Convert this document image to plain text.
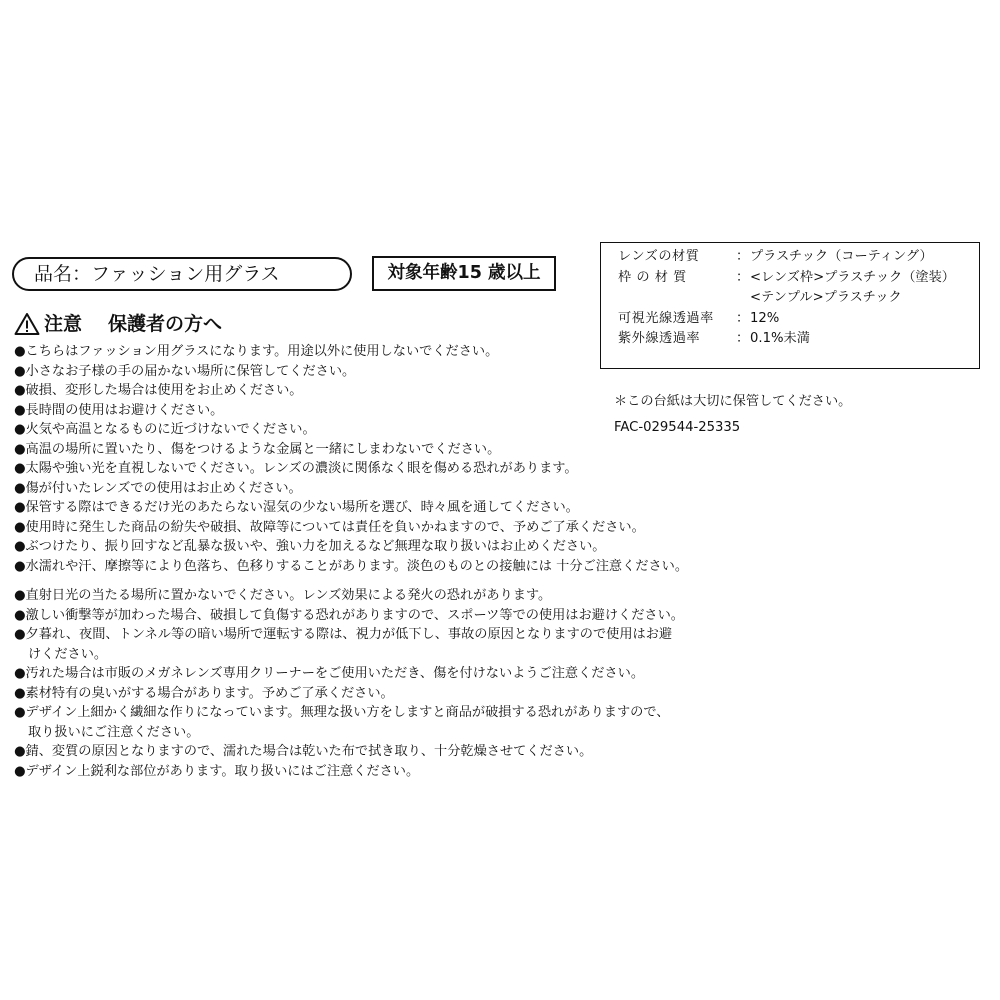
品名：ファッション用グラス	対象年齢15 歳以上
注意 保護者の方へ
●こちらはファッション用グラスになります。用途以外に使用しないでください。
●小さなお子様の手の届かない場所に保管してください。
●破損、変形した場合は使用をお止めください。
●長時間の使用はお避けください。
●火気や高温となるものに近づけないでください。
●高温の場所に置いたり、傷をつけるような金属と一緒にしまわないでください。
●太陽や強い光を直視しないでください。レンズの濃淡に関係なく眼を傷める恐れがあります。
●傷が付いたレンズでの使用はお止めください。
●保管する際はできるだけ光のあたらない湿気の少ない場所を選び、時々風を通してください。
●使用時に発生した商品の紛失や破損、故障等については責任を負いかねますので、予めご了承ください。
●ぶつけたり、振り回すなど乱暴な扱いや、強い力を加えるなど無理な取り扱いはお止めください。
●水濡れや汗、摩擦等により色落ち、色移りすることがあります。淡色のものとの接触には 十分ご注意ください。
●直射日光の当たる場所に置かないでください。レンズ効果による発火の恐れがあります。
●激しい衝撃等が加わった場合、破損して負傷する恐れがありますので、スポーツ等での使用はお避けください。
●夕暮れ、夜間、トンネル等の暗い場所で運転する際は、視力が低下し、事故の原因となりますので使用はお避
けください。
●汚れた場合は市販のメガネレンズ専用クリーナーをご使用いただき、傷を付けないようご注意ください。
●素材特有の臭いがする場合があります。予めご了承ください。
●デザイン上細かく繊細な作りになっています。無理な扱い方をしますと商品が破損する恐れがありますので、
取り扱いにご注意ください。
●錆、変質の原因となりますので、濡れた場合は乾いた布で拭き取り、十分乾燥させてください。
●デザイン上鋭利な部位があります。取り扱いにはご注意ください。
レンズの材質	： プラスチック（コーティング）
枠 の 材 質	： <レンズ枠>プラスチック（塗装）
<テンプル>プラスチック
可視光線透過率	： 12%
紫外線透過率	： 0.1%未満
＊この台紙は大切に保管してください。
FAC-029544-25335
